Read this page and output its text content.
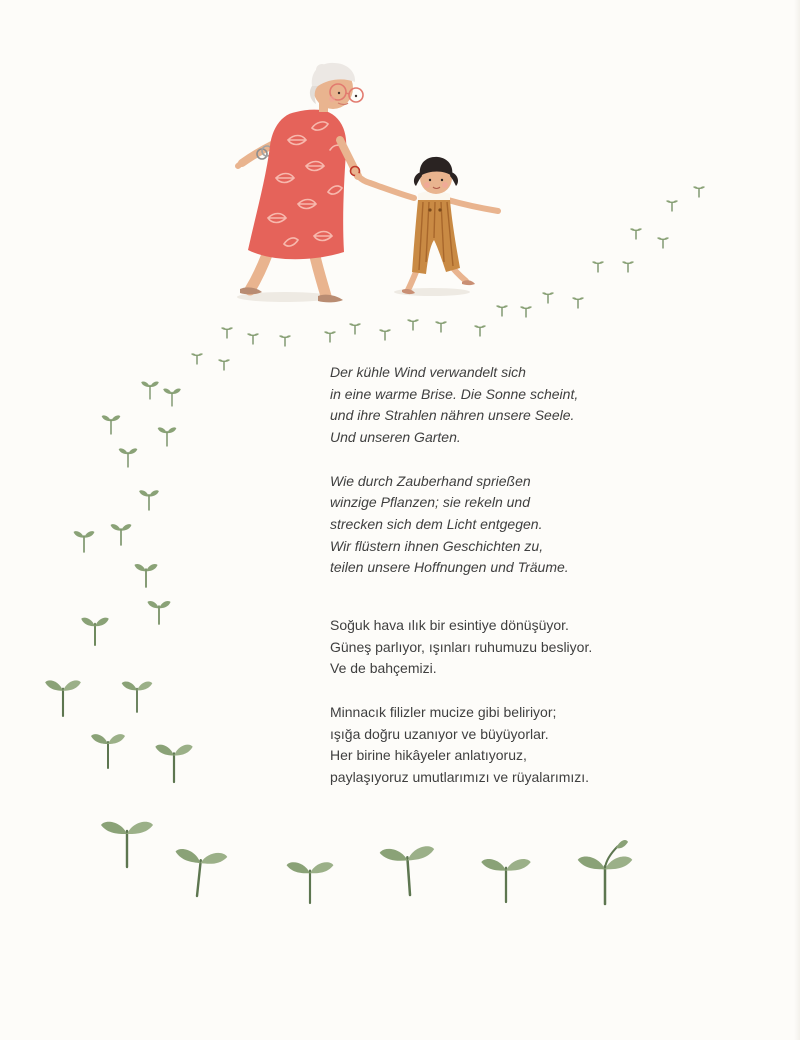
Der kühle Wind verwandelt sich
in eine warme Brise. Die Sonne scheint,
und ihre Strahlen nähren unsere Seele.
Und unseren Garten.

Wie durch Zauberhand sprießen
winzige Pflanzen; sie rekeln und
strecken sich dem Licht entgegen.
Wir flüstern ihnen Geschichten zu,
teilen unsere Hoffnungen und Träume.

Soğuk hava ılık bir esintiye dönüşüyor.
Güneş parlıyor, ışınları ruhumuzu besliyor.
Ve de bahçemizi.

Minnacık filizler mucize gibi beliriyor;
ışığa doğru uzanıyor ve büyüyorlar.
Her birine hikâyeler anlatıyoruz,
paylaşıyoruz umutlarımızı ve rüyalarımızı.
